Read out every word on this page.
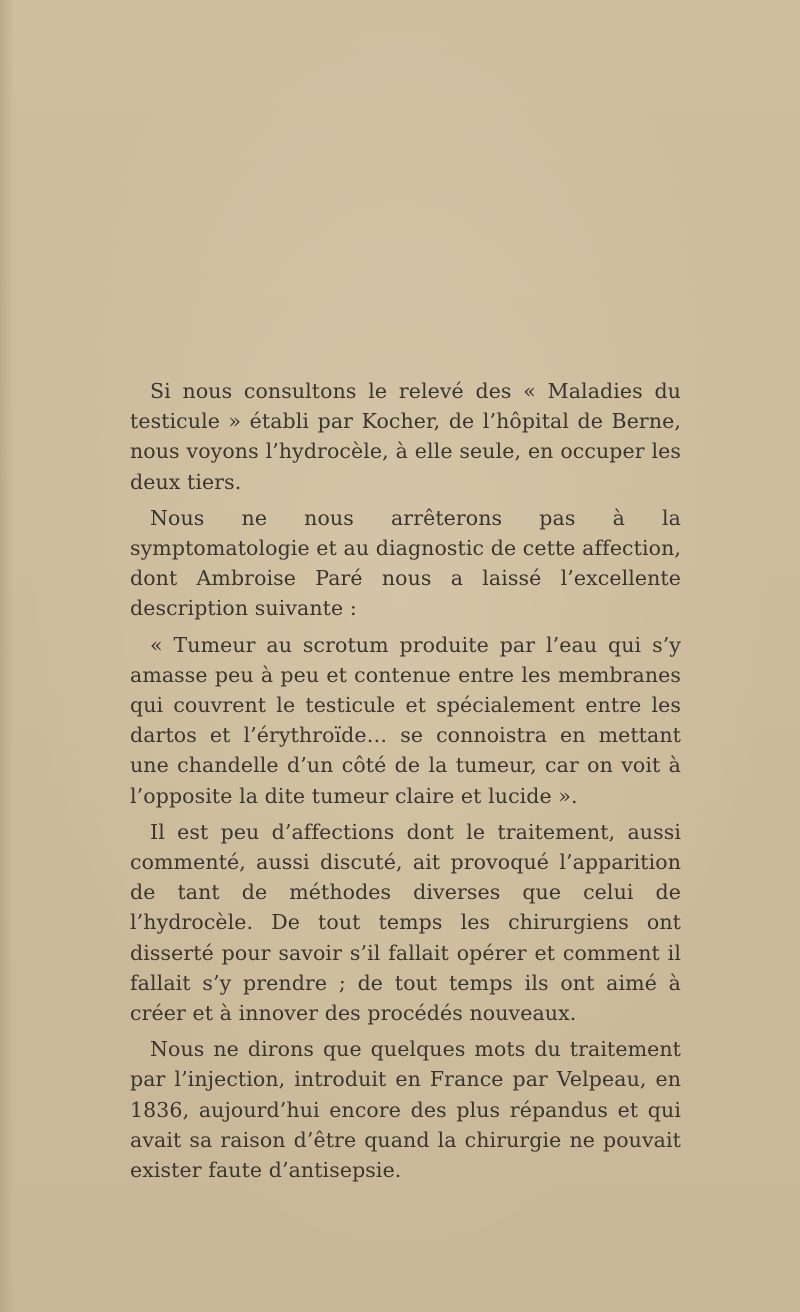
Si nous consultons le relevé des « Maladies du testicule » établi par Kocher, de l’hôpital de Berne, nous voyons l’hydrocèle, à elle seule, en occuper les deux tiers.

Nous ne nous arrêterons pas à la symptomatologie et au diagnostic de cette affection, dont Ambroise Paré nous a laissé l’excellente description suivante :

« Tumeur au scrotum produite par l’eau qui s’y amasse peu à peu et contenue entre les membranes qui couvrent le testicule et spécialement entre les dartos et l’érythroïde… se connoistra en mettant une chandelle d’un côté de la tumeur, car on voit à l’opposite la dite tumeur claire et lucide ».

Il est peu d’affections dont le traitement, aussi commenté, aussi discuté, ait provoqué l’apparition de tant de méthodes diverses que celui de l’hydrocèle. De tout temps les chirurgiens ont disserté pour savoir s’il fallait opérer et comment il fallait s’y prendre ; de tout temps ils ont aimé à créer et à innover des procédés nouveaux.

Nous ne dirons que quelques mots du traitement par l’injection, introduit en France par Velpeau, en 1836, aujourd’hui encore des plus répandus et qui avait sa raison d’être quand la chirurgie ne pouvait exister faute d’antisepsie.
